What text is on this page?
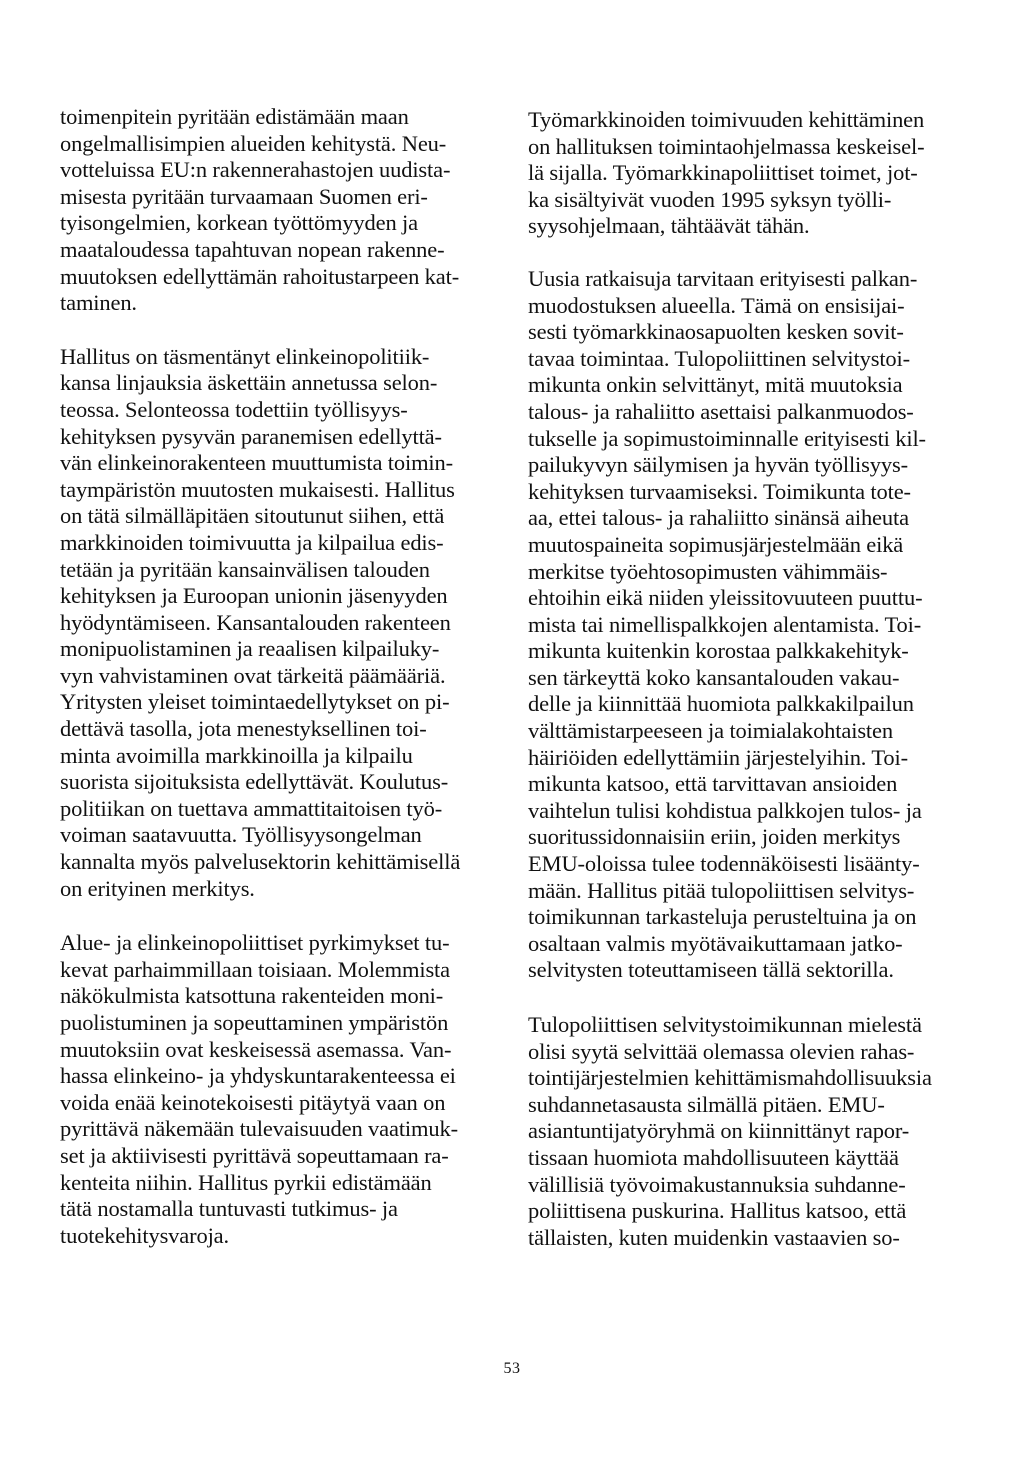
toimenpitein pyritään edistämään maan
ongelmallisimpien alueiden kehitystä. Neu-
votteluissa EU:n rakennerahastojen uudista-
misesta pyritään turvaamaan Suomen eri-
tyisongelmien, korkean työttömyyden ja
maataloudessa tapahtuvan nopean rakenne-
muutoksen edellyttämän rahoitustarpeen kat-
taminen.

Hallitus on täsmentänyt elinkeinopolitiik-
kansa linjauksia äskettäin annetussa selon-
teossa. Selonteossa todettiin työllisyys-
kehityksen pysyvän paranemisen edellyttä-
vän elinkeinorakenteen muuttumista toimin-
taympäristön muutosten mukaisesti. Hallitus
on tätä silmälläpitäen sitoutunut siihen, että
markkinoiden toimivuutta ja kilpailua edis-
tetään ja pyritään kansainvälisen talouden
kehityksen ja Euroopan unionin jäsenyyden
hyödyntämiseen. Kansantalouden rakenteen
monipuolistaminen ja reaalisen kilpailuky-
vyn vahvistaminen ovat tärkeitä päämääriä.
Yritysten yleiset toimintaedellytykset on pi-
dettävä tasolla, jota menestyksellinen toi-
minta avoimilla markkinoilla ja kilpailu
suorista sijoituksista edellyttävät. Koulutus-
politiikan on tuettava ammattitaitoisen työ-
voiman saatavuutta. Työllisyysongelman
kannalta myös palvelusektorin kehittämisellä
on erityinen merkitys.

Alue- ja elinkeinopoliittiset pyrkimykset tu-
kevat parhaimmillaan toisiaan. Molemmista
näkökulmista katsottuna rakenteiden moni-
puolistuminen ja sopeuttaminen ympäristön
muutoksiin ovat keskeisessä asemassa. Van-
hassa elinkeino- ja yhdyskuntarakenteessa ei
voida enää keinotekoisesti pitäytyä vaan on
pyrittävä näkemään tulevaisuuden vaatimuk-
set ja aktiivisesti pyrittävä sopeuttamaan ra-
kenteita niihin. Hallitus pyrkii edistämään
tätä nostamalla tuntuvasti tutkimus- ja
tuotekehitysvaroja.

Työmarkkinoiden toimivuuden kehittäminen
on hallituksen toimintaohjelmassa keskeisel-
lä sijalla. Työmarkkinapoliittiset toimet, jot-
ka sisältyivät vuoden 1995 syksyn työlli-
syysohjelmaan, tähtäävät tähän.

Uusia ratkaisuja tarvitaan erityisesti palkan-
muodostuksen alueella. Tämä on ensisijai-
sesti työmarkkinaosapuolten kesken sovit-
tavaa toimintaa. Tulopoliittinen selvitystoi-
mikunta onkin selvittänyt, mitä muutoksia
talous- ja rahaliitto asettaisi palkanmuodos-
tukselle ja sopimustoiminnalle erityisesti kil-
pailukyvyn säilymisen ja hyvän työllisyys-
kehityksen turvaamiseksi. Toimikunta tote-
aa, ettei talous- ja rahaliitto sinänsä aiheuta
muutospaineita sopimusjärjestelmään eikä
merkitse työehtosopimusten vähimmäis-
ehtoihin eikä niiden yleissitovuuteen puuttu-
mista tai nimellispalkkojen alentamista. Toi-
mikunta kuitenkin korostaa palkkakehityk-
sen tärkeyttä koko kansantalouden vakau-
delle ja kiinnittää huomiota palkkakilpailun
välttämistarpeeseen ja toimialakohtaisten
häiriöiden edellyttämiin järjestelyihin. Toi-
mikunta katsoo, että tarvittavan ansioiden
vaihtelun tulisi kohdistua palkkojen tulos- ja
suoritussidonnaisiin eriin, joiden merkitys
EMU-oloissa tulee todennäköisesti lisäänty-
mään. Hallitus pitää tulopoliittisen selvitys-
toimikunnan tarkasteluja perusteltuina ja on
osaltaan valmis myötävaikuttamaan jatko-
selvitysten toteuttamiseen tällä sektorilla.

Tulopoliittisen selvitystoimikunnan mielestä
olisi syytä selvittää olemassa olevien rahas-
tointijärjestelmien kehittämismahdollisuuksia
suhdannetasausta silmällä pitäen. EMU-
asiantuntijatyöryhmä on kiinnittänyt rapor-
tissaan huomiota mahdollisuuteen käyttää
välillisiä työvoimakustannuksia suhdanne-
poliittisena puskurina. Hallitus katsoo, että
tällaisten, kuten muidenkin vastaavien so-

53
